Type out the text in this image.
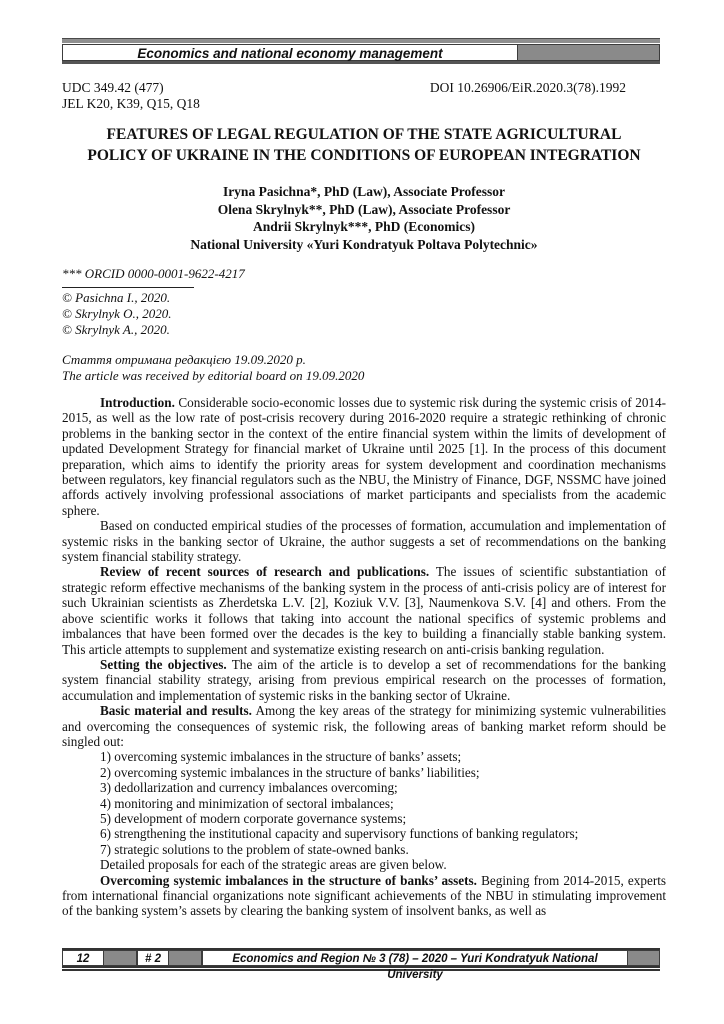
Economics and national economy management
UDC 349.42 (477)
JEL K20, K39, Q15, Q18
DOI 10.26906/EiR.2020.3(78).1992
FEATURES OF LEGAL REGULATION OF THE STATE AGRICULTURAL POLICY OF UKRAINE IN THE CONDITIONS OF EUROPEAN INTEGRATION
Iryna Pasichna*, PhD (Law), Associate Professor
Olena Skrylnyk**, PhD (Law), Associate Professor
Andrii Skrylnyk***, PhD (Economics)
National University «Yuri Kondratyuk Poltava Polytechnic»
*** ORCID 0000-0001-9622-4217
© Pasichna I., 2020.
© Skrylnyk O., 2020.
© Skrylnyk A., 2020.
Стаття отримана редакцією 19.09.2020 р.
The article was received by editorial board on 19.09.2020

Introduction. Considerable socio-economic losses due to systemic risk during the systemic crisis of 2014-2015, as well as the low rate of post-crisis recovery during 2016-2020 require a strategic rethinking of chronic problems in the banking sector in the context of the entire financial system within the limits of development of updated Development Strategy for financial market of Ukraine until 2025 [1]. In the process of this document preparation, which aims to identify the priority areas for system development and coordination mechanisms between regulators, key financial regulators such as the NBU, the Ministry of Finance, DGF, NSSMC have joined affords actively involving professional associations of market participants and specialists from the academic sphere.

Based on conducted empirical studies of the processes of formation, accumulation and implementation of systemic risks in the banking sector of Ukraine, the author suggests a set of recommendations on the banking system financial stability strategy.

Review of recent sources of research and publications. The issues of scientific substantiation of strategic reform effective mechanisms of the banking system in the process of anti-crisis policy are of interest for such Ukrainian scientists as Zherdetska L.V. [2], Koziuk V.V. [3], Naumenkova S.V. [4] and others. From the above scientific works it follows that taking into account the national specifics of systemic problems and imbalances that have been formed over the decades is the key to building a financially stable banking system. This article attempts to supplement and systematize existing research on anti-crisis banking regulation.

Setting the objectives. The aim of the article is to develop a set of recommendations for the banking system financial stability strategy, arising from previous empirical research on the processes of formation, accumulation and implementation of systemic risks in the banking sector of Ukraine.

Basic material and results. Among the key areas of the strategy for minimizing systemic vulnerabilities and overcoming the consequences of systemic risk, the following areas of banking market reform should be singled out:

1) overcoming systemic imbalances in the structure of banks’ assets;
2) overcoming systemic imbalances in the structure of banks’ liabilities;
3) dedollarization and currency imbalances overcoming;
4) monitoring and minimization of sectoral imbalances;
5) development of modern corporate governance systems;
6) strengthening the institutional capacity and supervisory functions of banking regulators;
7) strategic solutions to the problem of state-owned banks.
Detailed proposals for each of the strategic areas are given below.

Overcoming systemic imbalances in the structure of banks’ assets. Begining from 2014-2015, experts from international financial organizations note significant achievements of the NBU in stimulating improvement of the banking system’s assets by clearing the banking system of insolvent banks, as well as

12	# 2	Economics and Region № 3 (78) – 2020 – Yuri Kondratyuk National University
